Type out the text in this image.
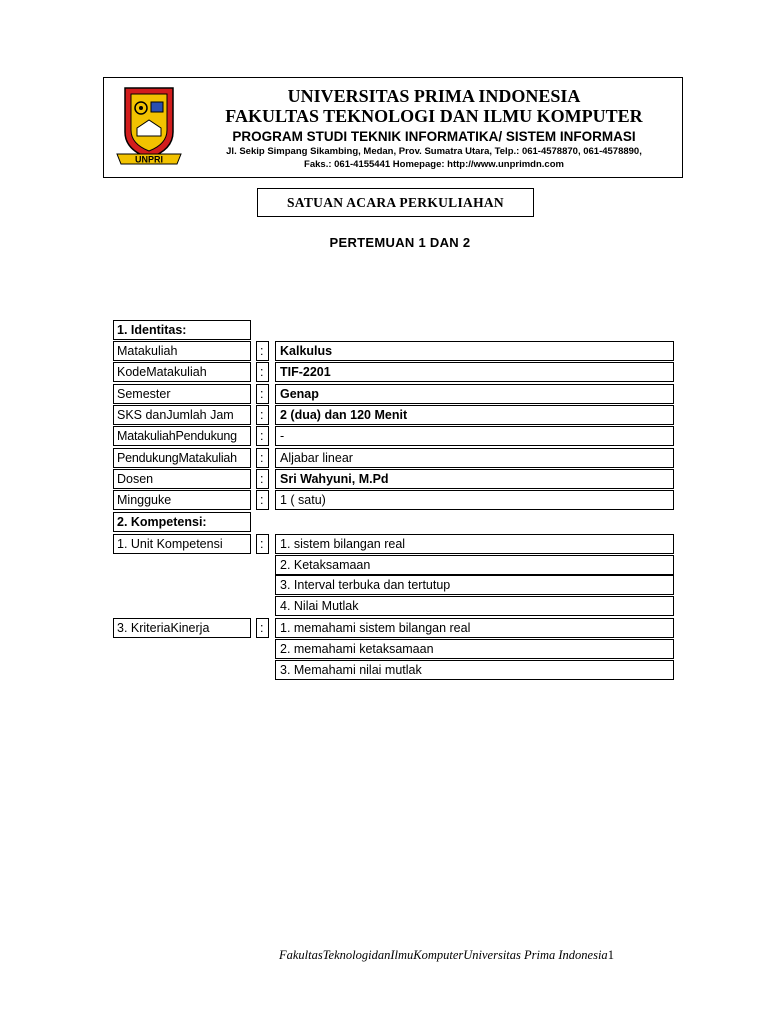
UNPRI
UNIVERSITAS PRIMA INDONESIA
FAKULTAS TEKNOLOGI DAN ILMU KOMPUTER
PROGRAM STUDI TEKNIK INFORMATIKA/ SISTEM INFORMASI
Jl. Sekip Simpang Sikambing, Medan, Prov. Sumatra Utara, Telp.: 061-4578870, 061-4578890,
Faks.: 061-4155441 Homepage: http://www.unprimdn.com
SATUAN ACARA PERKULIAHAN
PERTEMUAN 1 DAN 2
1. Identitas:
Matakuliah	:	Kalkulus
KodeMatakuliah	:	TIF-2201
Semester	:	Genap
SKS danJumlah Jam	:	2 (dua) dan 120 Menit
MatakuliahPendukung	:	-
PendukungMatakuliah	:	Aljabar linear
Dosen	:	Sri Wahyuni, M.Pd
Mingguke	:	1 ( satu)
2. Kompetensi:
1. Unit Kompetensi	:	1. sistem bilangan real
2. Ketaksamaan
3. Interval terbuka dan tertutup
4. Nilai Mutlak
3. KriteriaKinerja	:	1. memahami sistem bilangan real
2. memahami ketaksamaan
3. Memahami nilai mutlak
FakultasTeknologidanIlmuKomputerUniversitas Prima Indonesia1
